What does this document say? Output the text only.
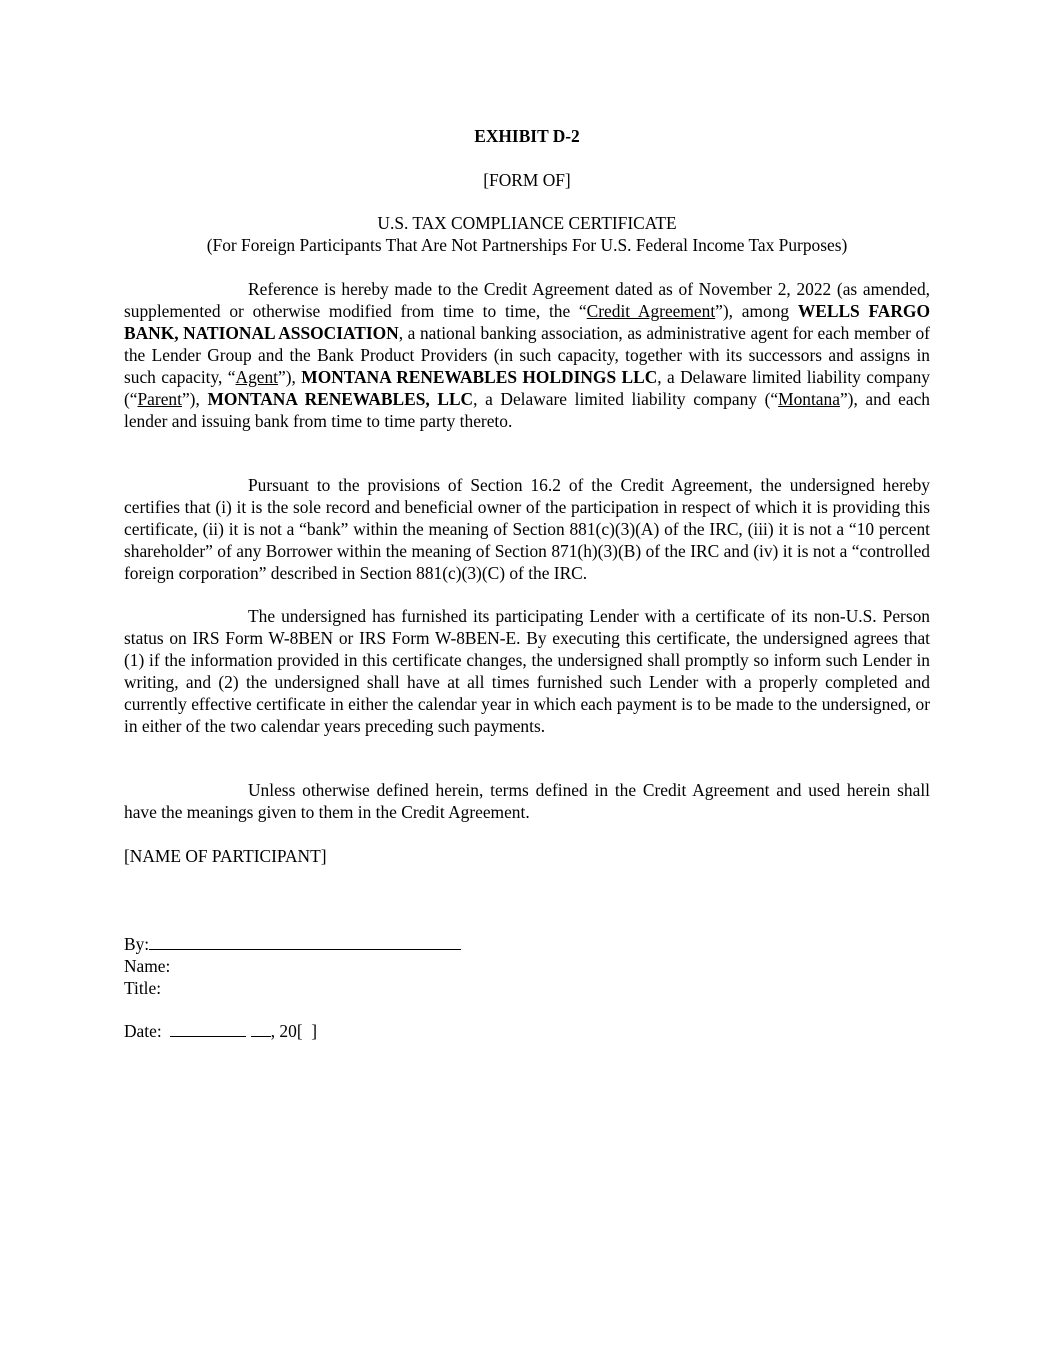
EXHIBIT D-2
[FORM OF]
U.S. TAX COMPLIANCE CERTIFICATE
(For Foreign Participants That Are Not Partnerships For U.S. Federal Income Tax Purposes)

Reference is hereby made to the Credit Agreement dated as of November 2, 2022 (as amended, supplemented or otherwise modified from time to time, the “Credit Agreement”), among WELLS FARGO BANK, NATIONAL ASSOCIATION, a national banking association, as administrative agent for each member of the Lender Group and the Bank Product Providers (in such capacity, together with its successors and assigns in such capacity, “Agent”), MONTANA RENEWABLES HOLDINGS LLC, a Delaware limited liability company (“Parent”), MONTANA RENEWABLES, LLC, a Delaware limited liability company (“Montana”), and each lender and issuing bank from time to time party thereto.

Pursuant to the provisions of Section 16.2 of the Credit Agreement, the undersigned hereby certifies that (i) it is the sole record and beneficial owner of the participation in respect of which it is providing this certificate, (ii) it is not a “bank” within the meaning of Section 881(c)(3)(A) of the IRC, (iii) it is not a “10 percent shareholder” of any Borrower within the meaning of Section 871(h)(3)(B) of the IRC and (iv) it is not a “controlled foreign corporation” described in Section 881(c)(3)(C) of the IRC.

The undersigned has furnished its participating Lender with a certificate of its non-U.S. Person status on IRS Form W-8BEN or IRS Form W-8BEN-E. By executing this certificate, the undersigned agrees that (1) if the information provided in this certificate changes, the undersigned shall promptly so inform such Lender in writing, and (2) the undersigned shall have at all times furnished such Lender with a properly completed and currently effective certificate in either the calendar year in which each payment is to be made to the undersigned, or in either of the two calendar years preceding such payments.

Unless otherwise defined herein, terms defined in the Credit Agreement and used herein shall have the meanings given to them in the Credit Agreement.

[NAME OF PARTICIPANT]
By:
Name:
Title:
Date:	, 20[  ]
